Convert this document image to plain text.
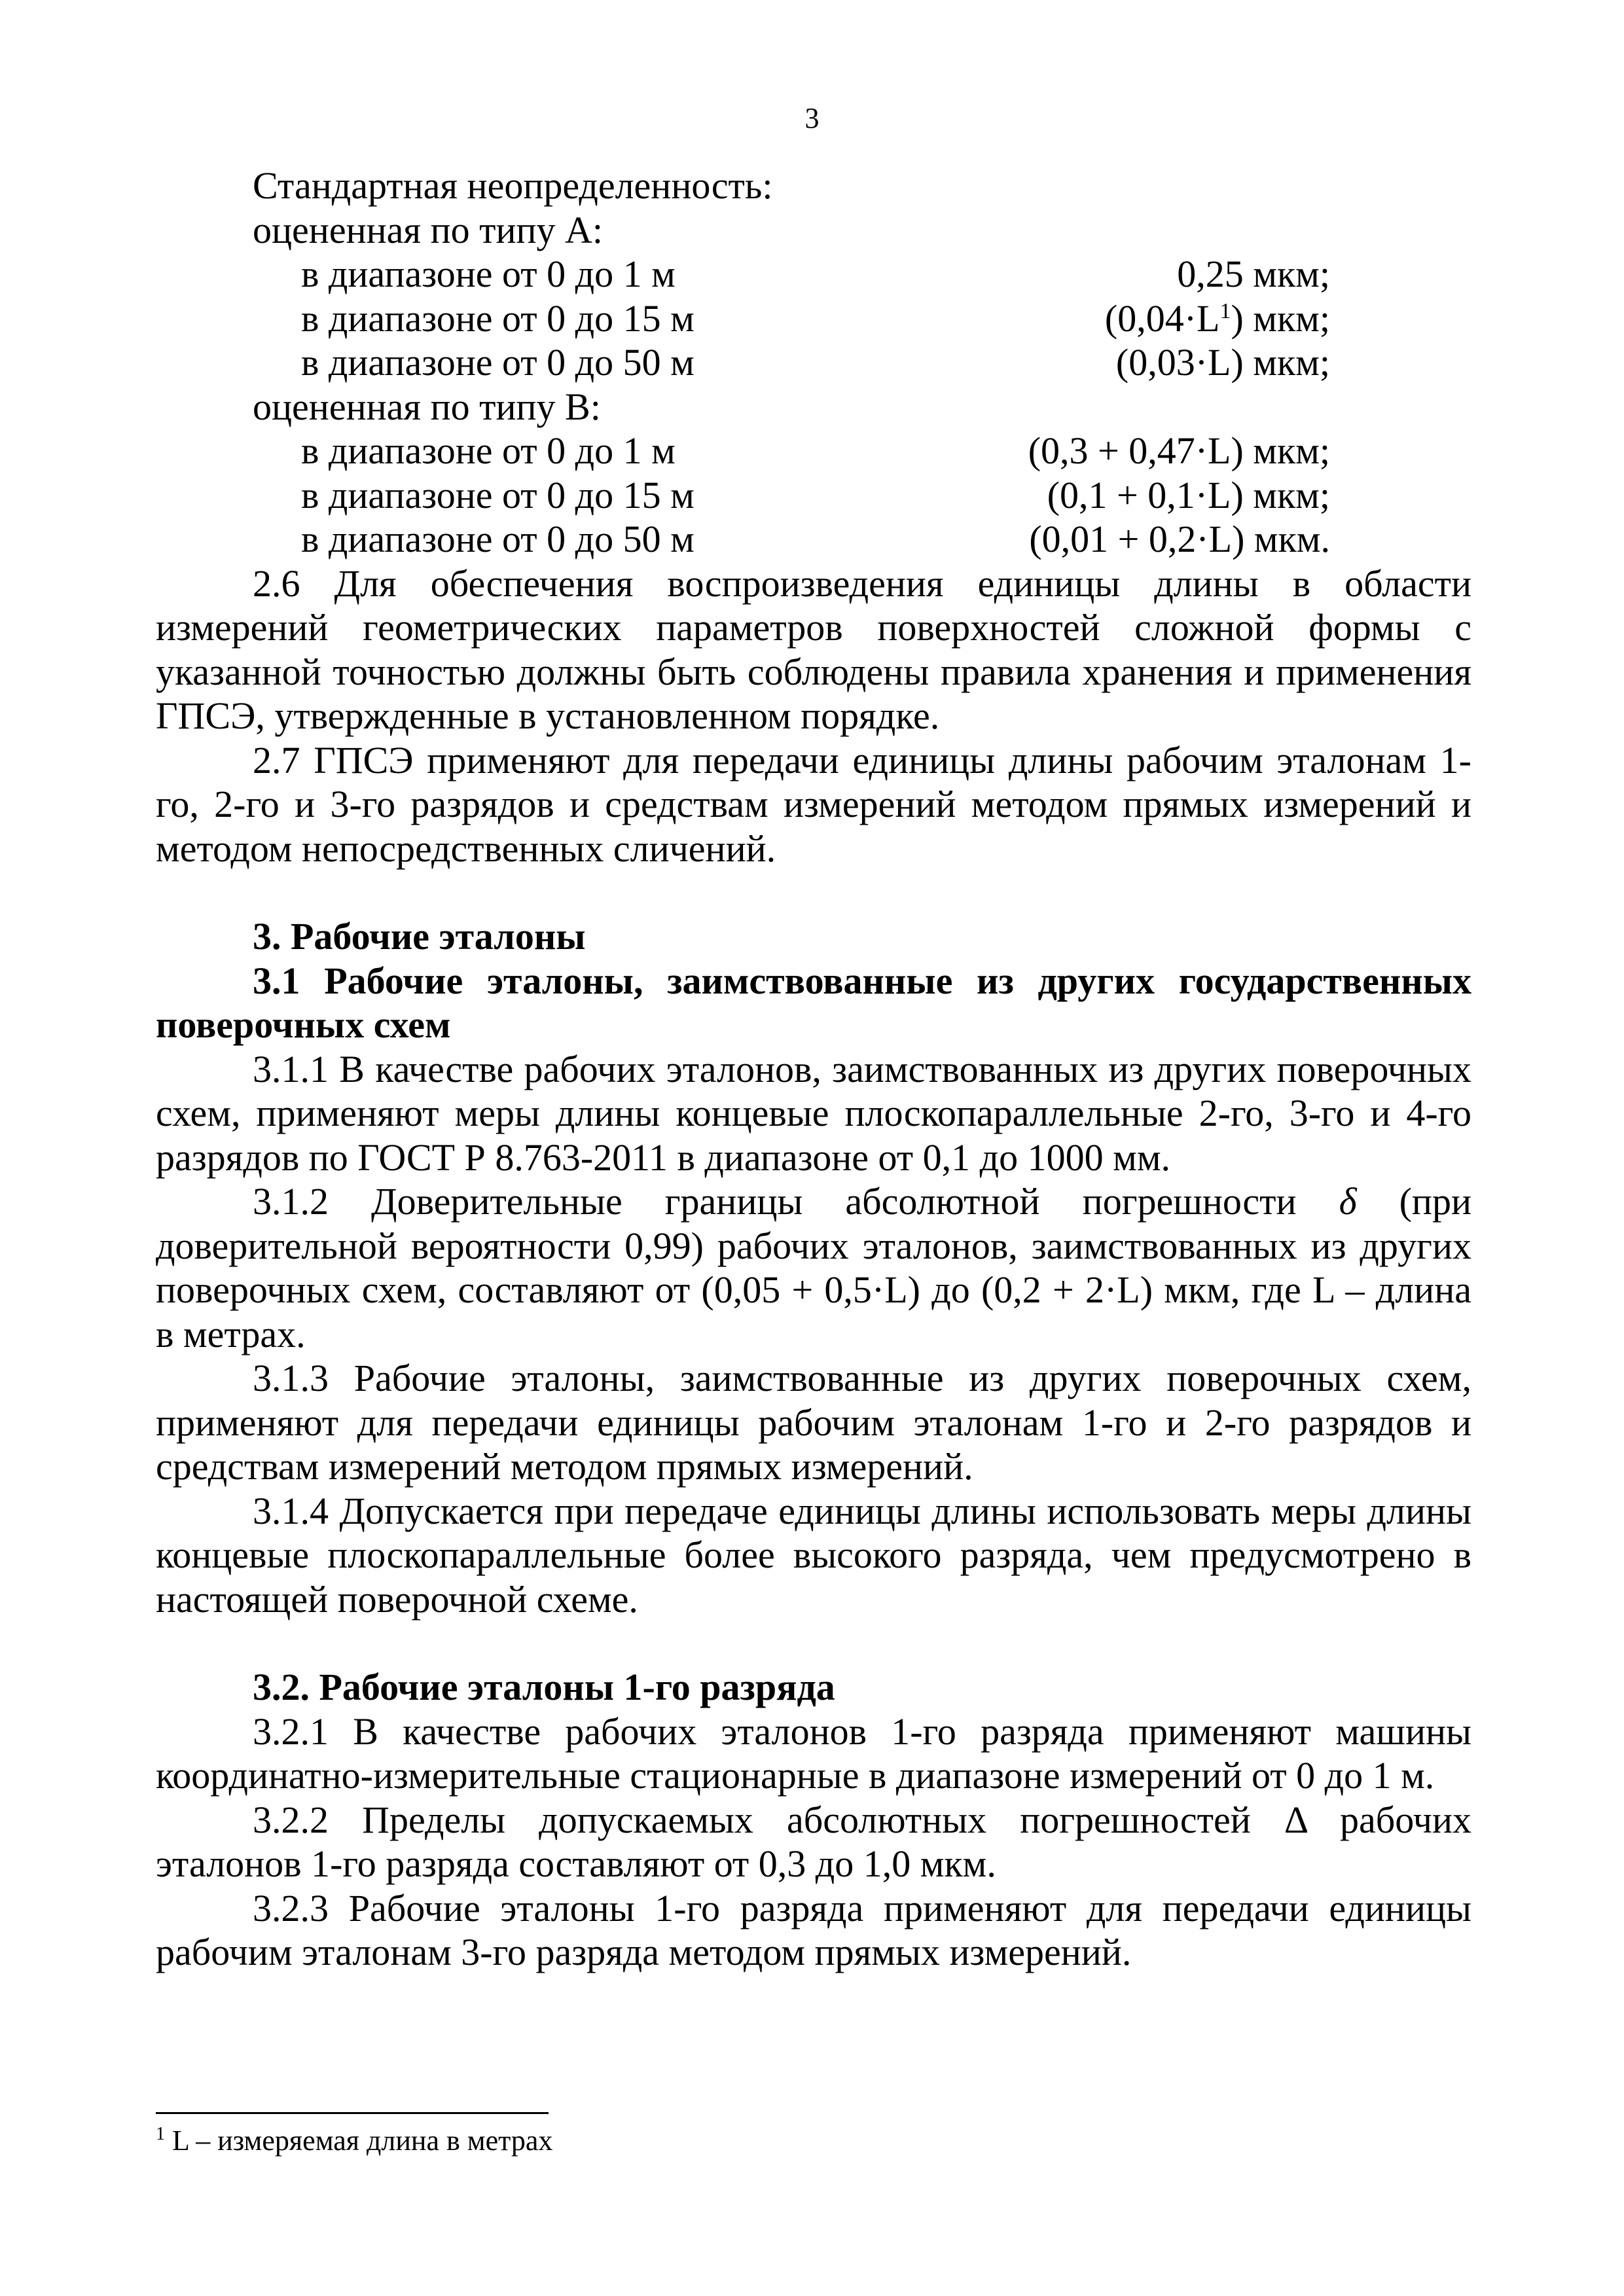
3

Стандартная неопределенность:

оцененная по типу А:

в диапазоне от 0 до 1 м	0,25 мкм;
в диапазоне от 0 до 15 м	$(0,04\cdot L^1)$ мкм;
в диапазоне от 0 до 50 м	(0,03·L) мкм;

оцененная по типу В:

в диапазоне от 0 до 1 м	(0,3 + 0,47·L) мкм;
в диапазоне от 0 до 15 м	(0,1 + 0,1·L) мкм;
в диапазоне от 0 до 50 м	(0,01 + 0,2·L) мкм.

2.6 Для обеспечения воспроизведения единицы длины в области измерений геометрических параметров поверхностей сложной формы с указанной точностью должны быть соблюдены правила хранения и применения ГПСЭ, утвержденные в установленном порядке.

2.7 ГПСЭ применяют для передачи единицы длины рабочим эталонам 1-го, 2-го и 3-го разрядов и средствам измерений методом прямых измерений и методом непосредственных сличений.

3. Рабочие эталоны

3.1 Рабочие эталоны, заимствованные из других государственных поверочных схем

3.1.1 В качестве рабочих эталонов, заимствованных из других поверочных схем, применяют меры длины концевые плоскопараллельные 2-го, 3-го и 4-го разрядов по ГОСТ Р 8.763-2011 в диапазоне от 0,1 до 1000 мм.

3.1.2 Доверительные границы абсолютной погрешности δ (при доверительной вероятности 0,99) рабочих эталонов, заимствованных из других поверочных схем, составляют от (0,05 + 0,5·L) до (0,2 + 2·L) мкм, где L – длина в метрах.

3.1.3 Рабочие эталоны, заимствованные из других поверочных схем, применяют для передачи единицы рабочим эталонам 1-го и 2-го разрядов и средствам измерений методом прямых измерений.

3.1.4 Допускается при передаче единицы длины использовать меры длины концевые плоскопараллельные более высокого разряда, чем предусмотрено в настоящей поверочной схеме.

3.2. Рабочие эталоны 1-го разряда

3.2.1 В качестве рабочих эталонов 1-го разряда применяют машины координатно-измерительные стационарные в диапазоне измерений от 0 до 1 м.

3.2.2 Пределы допускаемых абсолютных погрешностей Δ рабочих эталонов 1-го разряда составляют от 0,3 до 1,0 мкм.

3.2.3 Рабочие эталоны 1-го разряда применяют для передачи единицы рабочим эталонам 3-го разряда методом прямых измерений.

$^1$ L – измеряемая длина в метрах
